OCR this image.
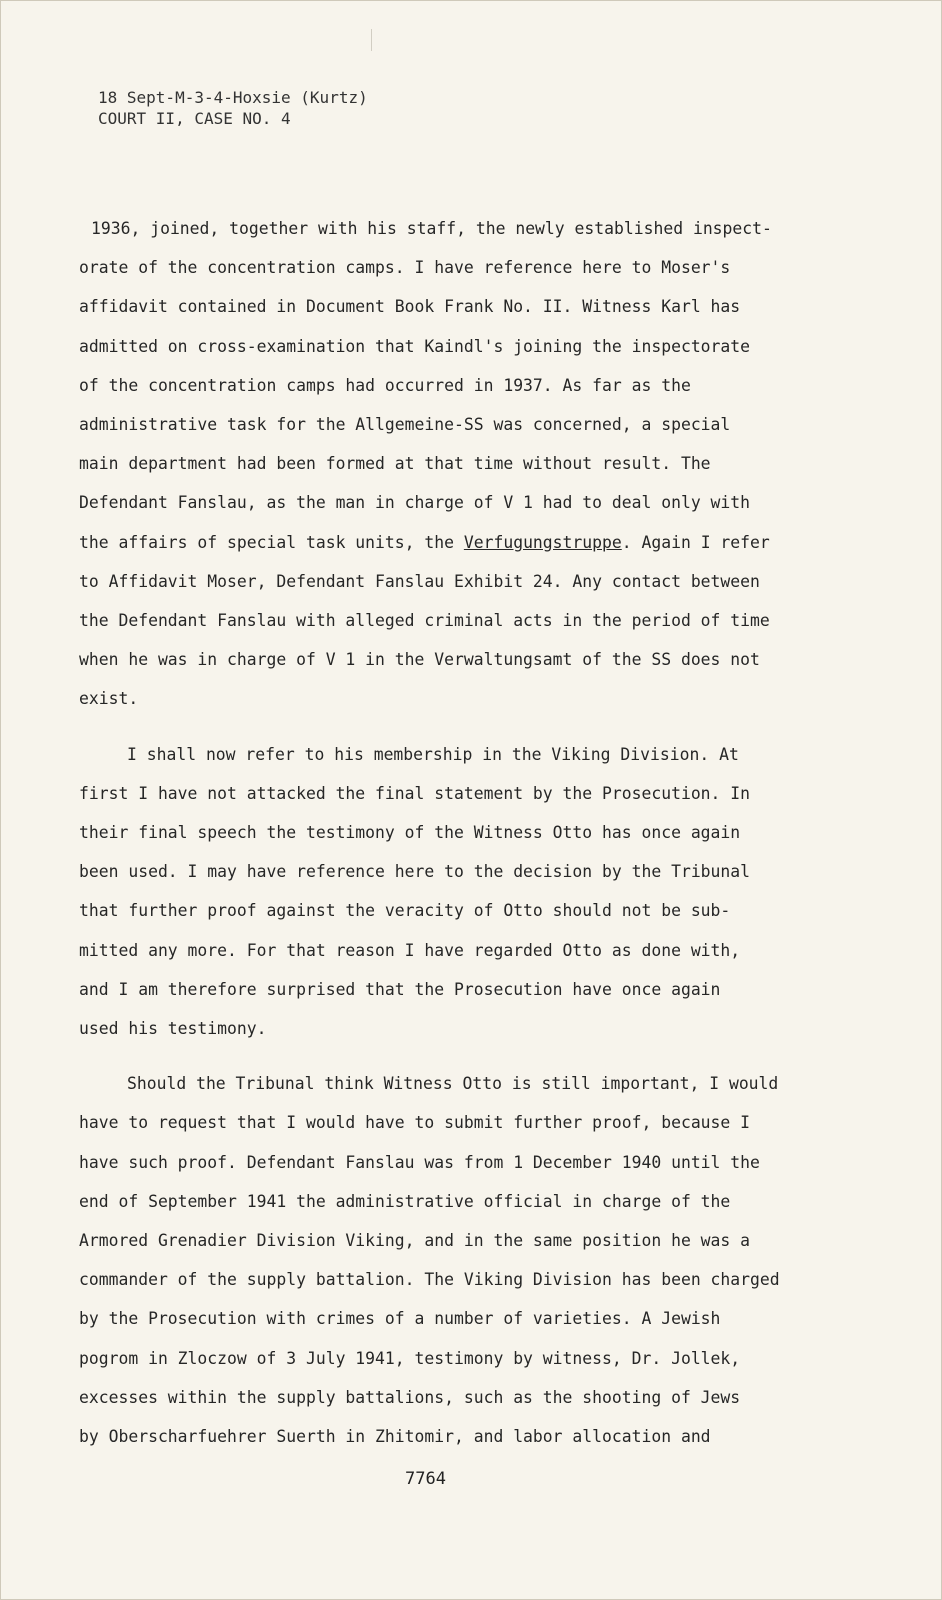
18 Sept-M-3-4-Hoxsie (Kurtz)
COURT II, CASE NO. 4
1936, joined, together with his staff, the newly established inspect-
orate of the concentration camps. I have reference here to Moser's
affidavit contained in Document Book Frank No. II. Witness Karl has
admitted on cross-examination that Kaindl's joining the inspectorate
of the concentration camps had occurred in 1937. As far as the
administrative task for the Allgemeine-SS was concerned, a special
main department had been formed at that time without result. The
Defendant Fanslau, as the man in charge of V 1 had to deal only with
the affairs of special task units, the Verfugungstruppe. Again I refer
to Affidavit Moser, Defendant Fanslau Exhibit 24. Any contact between
the Defendant Fanslau with alleged criminal acts in the period of time
when he was in charge of V 1 in the Verwaltungsamt of the SS does not
exist.
I shall now refer to his membership in the Viking Division. At
first I have not attacked the final statement by the Prosecution. In
their final speech the testimony of the Witness Otto has once again
been used. I may have reference here to the decision by the Tribunal
that further proof against the veracity of Otto should not be sub-
mitted any more. For that reason I have regarded Otto as done with,
and I am therefore surprised that the Prosecution have once again
used his testimony.
Should the Tribunal think Witness Otto is still important, I would
have to request that I would have to submit further proof, because I
have such proof. Defendant Fanslau was from 1 December 1940 until the
end of September 1941 the administrative official in charge of the
Armored Grenadier Division Viking, and in the same position he was a
commander of the supply battalion. The Viking Division has been charged
by the Prosecution with crimes of a number of varieties. A Jewish
pogrom in Zloczow of 3 July 1941, testimony by witness, Dr. Jollek,
excesses within the supply battalions, such as the shooting of Jews
by Oberscharfuehrer Suerth in Zhitomir, and labor allocation and
7764
